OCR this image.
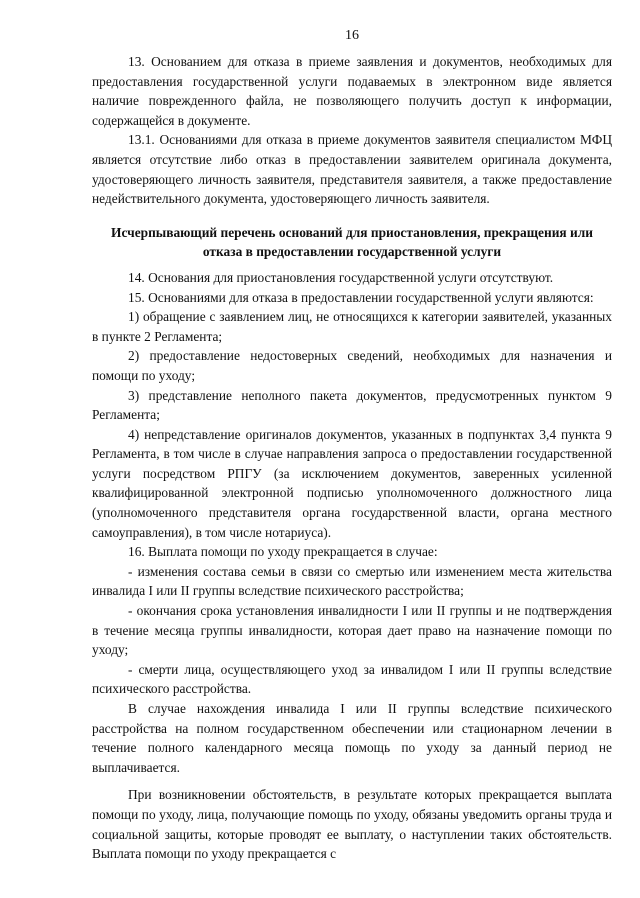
16

13. Основанием для отказа в приеме заявления и документов, необходимых для предоставления государственной услуги подаваемых в электронном виде является наличие поврежденного файла, не позволяющего получить доступ к информации, содержащейся в документе.

13.1. Основаниями для отказа в приеме документов заявителя специалистом МФЦ является отсутствие либо отказ в предоставлении заявителем оригинала документа, удостоверяющего личность заявителя, представителя заявителя, а также предоставление недействительного документа, удостоверяющего личность заявителя.

Исчерпывающий перечень оснований для приостановления, прекращения или отказа в предоставлении государственной услуги

14. Основания для приостановления государственной услуги отсутствуют.

15. Основаниями для отказа в предоставлении государственной услуги являются:

1) обращение с заявлением лиц, не относящихся к категории заявителей, указанных в пункте 2 Регламента;

2) предоставление недостоверных сведений, необходимых для назначения и помощи по уходу;

3) представление неполного пакета документов, предусмотренных пунктом 9 Регламента;

4) непредставление оригиналов документов, указанных в подпунктах 3,4 пункта 9 Регламента, в том числе в случае направления запроса о предоставлении государственной услуги посредством РПГУ (за исключением документов, заверенных усиленной квалифицированной электронной подписью уполномоченного должностного лица (уполномоченного представителя органа государственной власти, органа местного самоуправления), в том числе нотариуса).

16. Выплата помощи по уходу прекращается в случае:

- изменения состава семьи в связи со смертью или изменением места жительства инвалида I или II группы вследствие психического расстройства;

- окончания срока установления инвалидности I или II группы и не подтверждения в течение месяца группы инвалидности, которая дает право на назначение помощи по уходу;

- смерти лица, осуществляющего уход за инвалидом I или II группы вследствие психического расстройства.

В случае нахождения инвалида I или II группы вследствие психического расстройства на полном государственном обеспечении или стационарном лечении в течение полного календарного месяца помощь по уходу за данный период не выплачивается.

При возникновении обстоятельств, в результате которых прекращается выплата помощи по уходу, лица, получающие помощь по уходу, обязаны уведомить органы труда и социальной защиты, которые проводят ее выплату, о наступлении таких обстоятельств. Выплата помощи по уходу прекращается с
